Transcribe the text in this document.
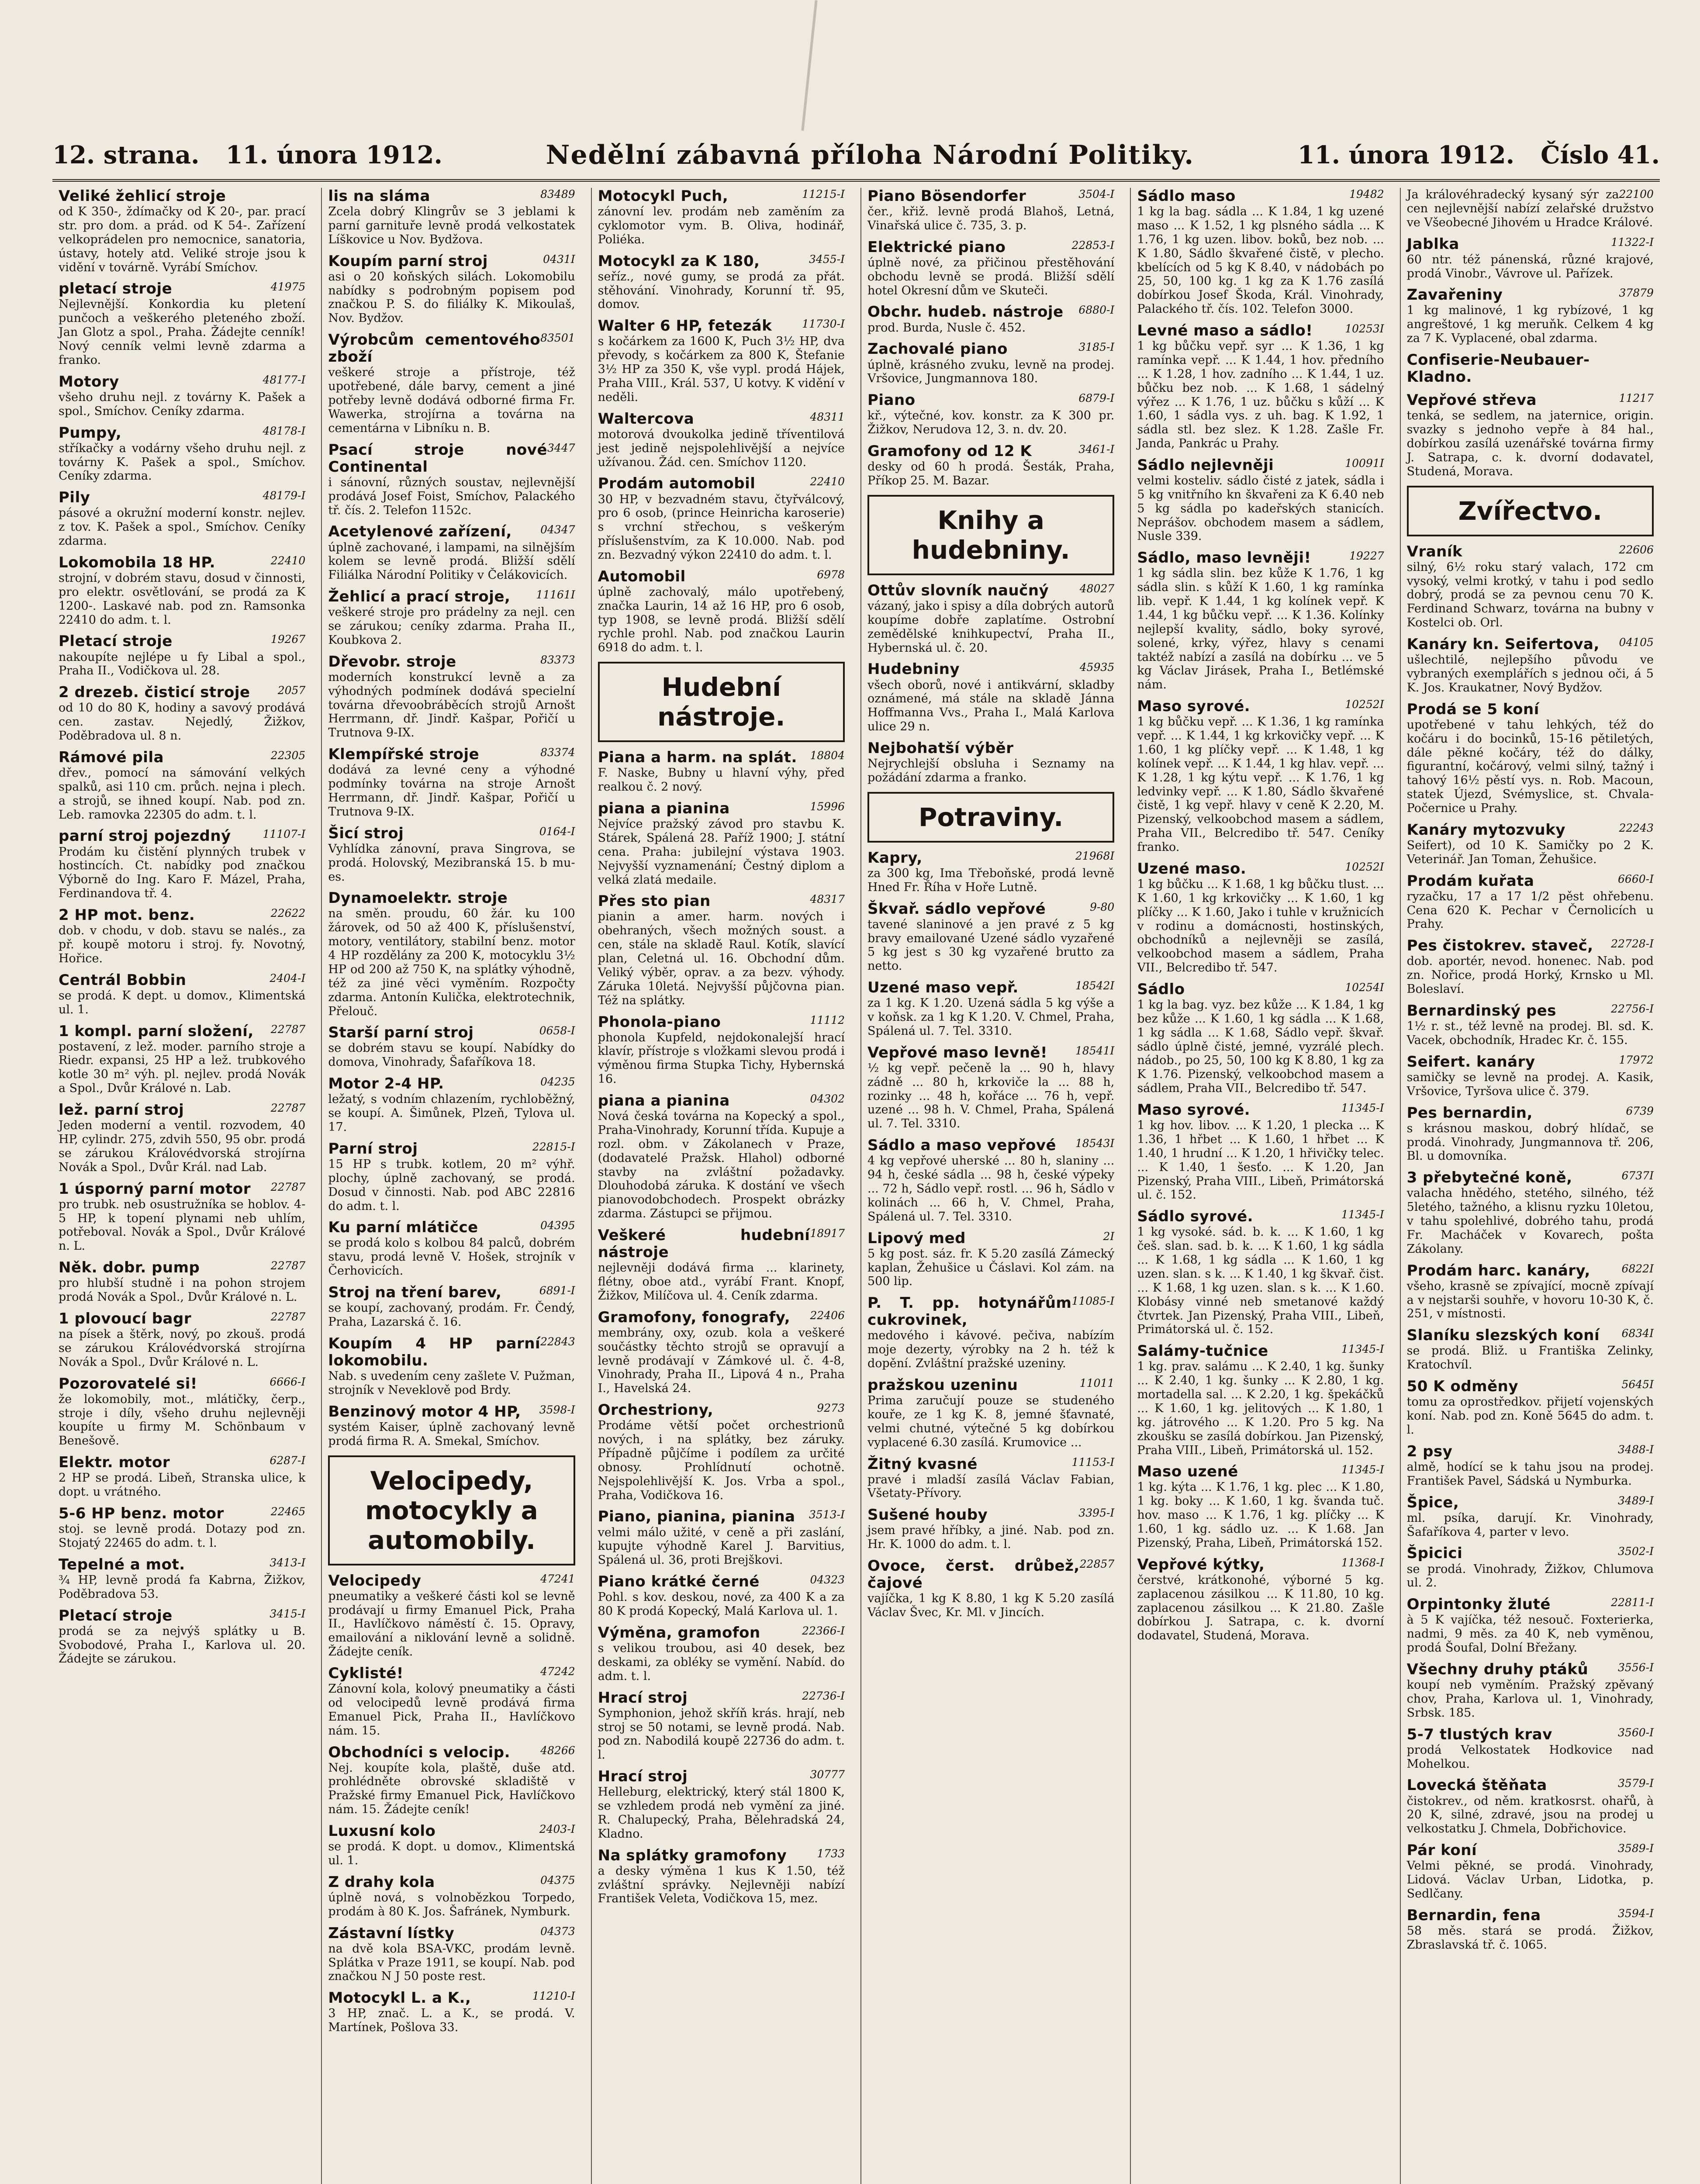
12. strana. 11. února 1912.	Nedělní zábavná příloha Národní Politiky.	11. února 1912. Číslo 41.
Veliké žehlicí stroje
od K 350-, ždímačky od K 20-, par. prací str. pro dom. a prád. od K 54-. Zařízení velkoprádelen pro nemocnice, sanatoria, ústavy, hotely atd. Veliké stroje jsou k vidění v továrně. Vyrábí Smíchov.
41975
pletací stroje
Nejlevnější. Konkordia ku pletení punčoch a veškerého pleteného zboží. Jan Glotz a spol., Praha. Žádejte cenník! Nový cenník velmi levně zdarma a franko.
48177-I
Motory
všeho druhu nejl. z továrny K. Pašek a spol., Smíchov. Ceníky zdarma.
48178-I
Pumpy,
stříkačky a vodárny všeho druhu nejl. z továrny K. Pašek a spol., Smíchov. Ceníky zdarma.
48179-I
Pily
pásové a okružní moderní konstr. nejlev. z tov. K. Pašek a spol., Smíchov. Ceníky zdarma.
22410
Lokomobila 18 HP.
strojní, v dobrém stavu, dosud v činnosti, pro elektr. osvětlování, se prodá za K 1200-. Laskavé nab. pod zn. Ramsonka 22410 do adm. t. l.
19267
Pletací stroje
nakoupíte nejlépe u fy Libal a spol., Praha II., Vodičkova ul. 28.
2057
2 drezeb. čisticí stroje
od 10 do 80 K, hodiny a savový prodává cen. zastav. Nejedlý, Žižkov, Poděbradova ul. 8 n.
22305
Rámové pila
dřev., pomocí na sámování velkých spalků, asi 110 cm. průch. nejna i plech. a strojů, se ihned koupí. Nab. pod zn. Leb. ramovka 22305 do adm. t. l.
11107-I
parní stroj pojezdný
Prodám ku čistění plynných trubek v hostincích. Ct. nabídky pod značkou Výborně do Ing. Karo F. Mázel, Praha, Ferdinandova tř. 4.
22622
2 HP mot. benz.
dob. v chodu, v dob. stavu se nalés., za př. koupě motoru i stroj. fy. Novotný, Hořice.
2404-I
Centrál Bobbin
se prodá. K dept. u domov., Klimentská ul. 1.
22787
1 kompl. parní složení,
postavení, z lež. moder. parního stroje a Riedr. expansi, 25 HP a lež. trubkového kotle 30 m² výh. pl. nejlev. prodá Novák a Spol., Dvůr Králové n. Lab.
22787
lež. parní stroj
Jeden moderní a ventil. rozvodem, 40 HP, cylindr. 275, zdvih 550, 95 obr. prodá se zárukou Královédvorská strojírna Novák a Spol., Dvůr Král. nad Lab.
22787
1 úsporný parní motor
pro trubk. neb osustružníka se hoblov. 4-5 HP, k topení plynami neb uhlím, potřeboval. Novák a Spol., Dvůr Králové n. L.
22787
Něk. dobr. pump
pro hlubší studně i na pohon strojem prodá Novák a Spol., Dvůr Králové n. L.
22787
1 plovoucí bagr
na písek a štěrk, nový, po zkouš. prodá se zárukou Královédvorská strojírna Novák a Spol., Dvůr Králové n. L.
6666-I
Pozorovatelé si!
že lokomobily, mot., mlátičky, čerp., stroje i díly, všeho druhu nejlevněji koupíte u firmy M. Schönbaum v Benešově.
6287-I
Elektr. motor
2 HP se prodá. Libeň, Stranska ulice, k dopt. u vrátného.
22465
5-6 HP benz. motor
stoj. se levně prodá. Dotazy pod zn. Stojatý 22465 do adm. t. l.
3413-I
Tepelné a mot.
¾ HP, levně prodá fa Kabrna, Žižkov, Poděbradova 53.
3415-I
Pletací stroje
prodá se za nejvýš splátky u B. Svobodové, Praha I., Karlova ul. 20. Žádejte se zárukou.
83489
lis na sláma
Zcela dobrý Klingrův se 3 jeblami k parní garnituře levně prodá velkostatek Líškovice u Nov. Bydžova.
0431I
Koupím parní stroj
asi o 20 koňských silách. Lokomobilu nabídky s podrobným popisem pod značkou P. S. do filiálky K. Mikoulaš, Nov. Bydžov.
83501
Výrobcům cementového zboží
veškeré stroje a přístroje, též upotřebené, dále barvy, cement a jiné potřeby levně dodává odborné firma Fr. Wawerka, strojírna a továrna na cementárna v Libníku n. B.
3447
Psací stroje nové Continental
i sánovní, různých soustav, nejlevnější prodává Josef Foist, Smíchov, Palackého tř. čís. 2. Telefon 1152c.
04347
Acetylenové zařízení,
úplně zachované, i lampami, na silnějším kolem se levně prodá. Bližší sdělí Filiálka Národní Politiky v Čelákovicích.
11161I
Žehlicí a prací stroje,
veškeré stroje pro prádelny za nejl. cen se zárukou; ceníky zdarma. Praha II., Koubkova 2.
83373
Dřevobr. stroje
moderních konstrukcí levně a za výhodných podmínek dodává specielní továrna dřevoobráběcích strojů Arnošt Herrmann, dř. Jindř. Kašpar, Pořičí u Trutnova 9-IX.
83374
Klempířské stroje
dodává za levné ceny a výhodné podmínky továrna na stroje Arnošt Herrmann, dř. Jindř. Kašpar, Pořičí u Trutnova 9-IX.
0164-I
Šicí stroj
Vyhlídka zánovní, prava Singrova, se prodá. Holovský, Mezibranská 15. b mu-es.
Dynamoelektr. stroje
na směn. proudu, 60 žár. ku 100 žárovek, od 50 až 400 K, příslušenství, motory, ventilátory, stabilní benz. motor 4 HP rozdělány za 200 K, motocyklu 3½ HP od 200 až 750 K, na splátky výhodně, též za jiné věci vyměním. Rozpočty zdarma. Antonín Kulička, elektrotechnik, Přelouč.
0658-I
Starší parní stroj
se dobrém stavu se koupí. Nabídky do domova, Vinohrady, Šafaříkova 18.
04235
Motor 2-4 HP.
ležatý, s vodním chlazením, rychloběžný, se koupí. A. Šimůnek, Plzeň, Tylova ul. 17.
22815-I
Parní stroj
15 HP s trubk. kotlem, 20 m² výhř. plochy, úplně zachovaný, se prodá. Dosud v činnosti. Nab. pod ABC 22816 do adm. t. l.
04395
Ku parní mlátičce
se prodá kolo s kolbou 84 palců, dobrém stavu, prodá levně V. Hošek, strojník v Čerhovicích.
6891-I
Stroj na tření barev,
se koupí, zachovaný, prodám. Fr. Čendý, Praha, Lazarská č. 16.
22843
Koupím 4 HP parní lokomobilu.
Nab. s uvedením ceny zašlete V. Pužman, strojník v Neveklově pod Brdy.
3598-I
Benzinový motor 4 HP,
systém Kaiser, úplně zachovaný levně prodá firma R. A. Smekal, Smíchov.
Velocipedy, motocykly a automobily.
47241
Velocipedy
pneumatiky a veškeré části kol se levně prodávají u firmy Emanuel Pick, Praha II., Havlíčkovo náměstí č. 15. Opravy, emailování a niklování levně a solidně. Žádejte ceník.
47242
Cyklisté!
Zánovní kola, kolový pneumatiky a části od velocipedů levně prodává firma Emanuel Pick, Praha II., Havlíčkovo nám. 15.
48266
Obchodníci s velocip.
Nej. koupíte kola, plaště, duše atd. prohlédněte obrovské skladiště v Pražské firmy Emanuel Pick, Havlíčkovo nám. 15. Žádejte ceník!
2403-I
Luxusní kolo
se prodá. K dopt. u domov., Klimentská ul. 1.
04375
Z drahy kola
úplně nová, s volnobězkou Torpedo, prodám à 80 K. Jos. Šafránek, Nymburk.
04373
Zástavní lístky
na dvě kola BSA-VKC, prodám levně. Splátka v Praze 1911, se koupí. Nab. pod značkou N J 50 poste rest.
11210-I
Motocykl L. a K.,
3 HP, znač. L. a K., se prodá. V. Martínek, Pošlova 33.
11215-I
Motocykl Puch,
zánovní lev. prodám neb zaměním za cyklomotor vym. B. Oliva, hodinář, Poliéka.
3455-I
Motocykl za K 180,
seříz., nové gumy, se prodá za přát. stěhování. Vinohrady, Korunní tř. 95, domov.
11730-I
Walter 6 HP, fetezák
s kočárkem za 1600 K, Puch 3½ HP, dva převody, s kočárkem za 800 K, Štefanie 3½ HP za 350 K, vše vypl. prodá Hájek, Praha VIII., Král. 537, U kotvy. K vidění v neděli.
48311
Waltercova
motorová dvoukolka jedině tříventilová jest jedině nejspolehlivější a nejvíce užívanou. Žád. cen. Smíchov 1120.
22410
Prodám automobil
30 HP, v bezvadném stavu, čtyřválcový, pro 6 osob, (prince Heinricha karoserie) s vrchní střechou, s veškerým příslušenstvím, za K 10.000. Nab. pod zn. Bezvadný výkon 22410 do adm. t. l.
6978
Automobil
úplně zachovalý, málo upotřebený, značka Laurin, 14 až 16 HP, pro 6 osob, typ 1908, se levně prodá. Bližší sdělí rychle prohl. Nab. pod značkou Laurin 6918 do adm. t. l.
Hudební nástroje.
18804
Piana a harm. na splát.
F. Naske, Bubny u hlavní výhy, před realkou č. 2 nový.
15996
piana a pianina
Nejvíce pražský závod pro stavbu K. Stárek, Spálená 28. Paříž 1900; J. státní cena. Praha: jubilejní výstava 1903. Nejvyšší vyznamenání; Čestný diplom a velká zlatá medaile.
48317
Přes sto pian
pianin a amer. harm. nových i obehraných, všech možných soust. a cen, stále na skladě Raul. Kotík, slavící plan, Celetná ul. 16. Obchodní dům. Veliký výběr, oprav. a za bezv. výhody. Záruka 10letá. Nejvyšší půjčovna pian. Též na splátky.
11112
Phonola-piano
phonola Kupfeld, nejdokonalejší hrací klavír, přístroje s vložkami slevou prodá i výměnou firma Stupka Tichy, Hybernská 16.
04302
piana a pianina
Nová česká továrna na Kopecký a spol., Praha-Vinohrady, Korunní třída. Kupuje a rozl. obm. v Zákolanech v Praze, (dodavatelé Pražsk. Hlahol) odborné stavby na zvláštní požadavky. Dlouhodobá záruka. K dostání ve všech pianovodobchodech. Prospekt obrázky zdarma. Zástupci se přijmou.
18917
Veškeré hudební nástroje
nejlevněji dodává firma ... klarinety, flétny, oboe atd., vyrábí Frant. Knopf, Žižkov, Milíčova ul. 4. Ceník zdarma.
22406
Gramofony, fonografy,
membrány, oxy, ozub. kola a veškeré součástky těchto strojů se opravují a levně prodávají v Zámkové ul. č. 4-8, Vinohrady, Praha II., Lipová 4 n., Praha I., Havelská 24.
9273
Orchestriony,
Prodáme větší počet orchestrionů nových, i na splátky, bez záruky. Případně půjčíme i podílem za určité obnosy. Prohlídnutí ochotně. Nejspolehlivější K. Jos. Vrba a spol., Praha, Vodičkova 16.
3513-I
Piano, pianina, pianina
velmi málo užité, v ceně a při zaslání, kupujte výhodně Karel J. Barvitius, Spálená ul. 36, proti Brejškovi.
04323
Piano krátké černé
Pohl. s kov. deskou, nové, za 400 K a za 80 K prodá Kopecký, Malá Karlova ul. 1.
22366-I
Výměna, gramofon
s velikou troubou, asi 40 desek, bez deskami, za obléky se vymění. Nabíd. do adm. t. l.
22736-I
Hrací stroj
Symphonion, jehož skříň krás. hrají, neb stroj se 50 notami, se levně prodá. Nab. pod zn. Nabodilá koupě 22736 do adm. t. l.
30777
Hrací stroj
Helleburg, elektrický, který stál 1800 K, se vzhledem prodá neb vymění za jiné. R. Chalupecký, Praha, Bělehradská 24, Kladno.
1733
Na splátky gramofony
a desky výměna 1 kus K 1.50, též zvláštní správky. Nejlevněji nabízí František Veleta, Vodičkova 15, mez.
3504-I
Piano Bösendorfer
čer., křiž. levně prodá Blahoš, Letná, Vinařská ulice č. 735, 3. p.
22853-I
Elektrické piano
úplně nové, za přičinou přestěhování obchodu levně se prodá. Bližší sdělí hotel Okresní dům ve Skuteči.
6880-I
Obchr. hudeb. nástroje
prod. Burda, Nusle č. 452.
3185-I
Zachovalé piano
úplně, krásného zvuku, levně na prodej. Vršovice, Jungmannova 180.
6879-I
Piano
kř., výtečné, kov. konstr. za K 300 pr. Žižkov, Nerudova 12, 3. n. dv. 20.
3461-I
Gramofony od 12 K
desky od 60 h prodá. Šesták, Praha, Příkop 25. M. Bazar.
Knihy a hudebniny.
48027
Ottův slovník naučný
vázaný, jako i spisy a díla dobrých autorů koupíme dobře zaplatíme. Ostrobní zemědělské knihkupectví, Praha II., Hybernská ul. č. 20.
45935
Hudebniny
všech oborů, nové i antikvární, skladby oznámené, má stále na skladě Jánna Hoffmanna Vvs., Praha I., Malá Karlova ulice 29 n.
Nejbohatší výběr
Nejrychlejší obsluha i Seznamy na požádání zdarma a franko.
Potraviny.
21968I
Kapry,
za 300 kg, Ima Třeboňské, prodá levně Hned Fr. Říha v Hoře Lutně.
9-80
Škvař. sádlo vepřové
tavené slaninové a jen pravé z 5 kg bravy emailované Uzené sádlo vyzařené 5 kg jest s 30 kg vyzařené brutto za netto.
18542I
Uzené maso vepř.
za 1 kg. K 1.20. Uzená sádla 5 kg výše a v koňsk. za 1 kg K 1.20. V. Chmel, Praha, Spálená ul. 7. Tel. 3310.
18541I
Vepřové maso levně!
½ kg vepř. pečeně la ... 90 h, hlavy zádně ... 80 h, krkoviče la ... 88 h, rozinky ... 48 h, kořáce ... 76 h, vepř. uzené ... 98 h. V. Chmel, Praha, Spálená ul. 7. Tel. 3310.
18543I
Sádlo a maso vepřové
4 kg vepřové uherské ... 80 h, slaniny ... 94 h, české sádla ... 98 h, české výpeky ... 72 h, Sádlo vepř. rostl. ... 96 h, Sádlo v kolinách ... 66 h, V. Chmel, Praha, Spálená ul. 7. Tel. 3310.
2I
Lipový med
5 kg post. sáz. fr. K 5.20 zasílá Zámecký kaplan, Žehušice u Čáslavi. Kol zám. na 500 lip.
11085-I
P. T. pp. hotynářům cukrovinek,
medového i kávové. pečiva, nabízím moje dezerty, výrobky na 2 h. též k dopění. Zvláštní pražské uzeniny.
11011
pražskou uzeninu
Prima zaručují pouze se studeného kouře, ze 1 kg K. 8, jemné šťavnaté, velmi chutné, výtečné 5 kg dobírkou vyplacené 6.30 zasílá. Krumovice ...
11153-I
Žitný kvasné
pravé i mladší zasílá Václav Fabian, Všetaty-Přívory.
3395-I
Sušené houby
jsem pravé hříbky, a jiné. Nab. pod zn. Hr. K. 1000 do adm. t. l.
22857
Ovoce, čerst. drůbež, čajové
vajíčka, 1 kg K 8.80, 1 kg K 5.20 zasílá Václav Švec, Kr. Ml. v Jincích.
19482
Sádlo maso
1 kg la bag. sádla ... K 1.84, 1 kg uzené maso ... K 1.52, 1 kg plsného sádla ... K 1.76, 1 kg uzen. libov. boků, bez nob. ... K 1.80, Sádlo škvařené čistě, v plecho. kbelících od 5 kg K 8.40, v nádobách po 25, 50, 100 kg. 1 kg za K 1.76 zasílá dobírkou Josef Škoda, Král. Vinohrady, Palackého tř. čís. 102. Telefon 3000.
10253I
Levné maso a sádlo!
1 kg bůčku vepř. syr ... K 1.36, 1 kg ramínka vepř. ... K 1.44, 1 hov. předního ... K 1.28, 1 hov. zadního ... K 1.44, 1 uz. bůčku bez nob. ... K 1.68, 1 sádelný výřez ... K 1.76, 1 uz. bůčku s kůží ... K 1.60, 1 sádla vys. z uh. bag. K 1.92, 1 sádla stl. bez slez. K 1.28. Zašle Fr. Janda, Pankrác u Prahy.
10091I
Sádlo nejlevněji
velmi kosteliv. sádlo čisté z jatek, sádla i 5 kg vnitřního kn škvařeni za K 6.40 neb 5 kg sádla po kadeřských stanicích. Neprášov. obchodem masem a sádlem, Nusle 339.
19227
Sádlo, maso levněji!
1 kg sádla slin. bez kůže K 1.76, 1 kg sádla slin. s kůží K 1.60, 1 kg ramínka lib. vepř. K 1.44, 1 kg kolínek vepř. K 1.44, 1 kg bůčku vepř. ... K 1.36. Kolínky nejlepší kvality, sádlo, boky syrové, solené, krky, výřez, hlavy s cenami taktéž nabízí a zasílá na dobírku ... ve 5 kg Václav Jirásek, Praha I., Betlémské nám.
10252I
Maso syrové.
1 kg bůčku vepř. ... K 1.36, 1 kg ramínka vepř. ... K 1.44, 1 kg krkovičky vepř. ... K 1.60, 1 kg plíčky vepř. ... K 1.48, 1 kg kolínek vepř. ... K 1.44, 1 kg hlav. vepř. ... K 1.28, 1 kg kýtu vepř. ... K 1.76, 1 kg ledvinky vepř. ... K 1.80, Sádlo škvařené čistě, 1 kg vepř. hlavy v ceně K 2.20, M. Pizenský, velkoobchod masem a sádlem, Praha VII., Belcredibo tř. 547. Ceníky franko.
10252I
Uzené maso.
1 kg bůčku ... K 1.68, 1 kg bůčku tlust. ... K 1.60, 1 kg krkovičky ... K 1.60, 1 kg plíčky ... K 1.60, Jako i tuhle v kružnicích v rodinu a domácnosti, hostinských, obchodníků a nejlevněji se zasílá, velkoobchod masem a sádlem, Praha VII., Belcredibo tř. 547.
10254I
Sádlo
1 kg la bag. vyz. bez kůže ... K 1.84, 1 kg bez kůže ... K 1.60, 1 kg sádla ... K 1.68, 1 kg sádla ... K 1.68, Sádlo vepř. škvař. sádlo úplně čisté, jemné, vyzrálé plech. nádob., po 25, 50, 100 kg K 8.80, 1 kg za K 1.76. Pizenský, velkoobchod masem a sádlem, Praha VII., Belcredibo tř. 547.
11345-I
Maso syrové.
1 kg hov. libov. ... K 1.20, 1 plecka ... K 1.36, 1 hřbet ... K 1.60, 1 hřbet ... K 1.40, 1 hrudní ... K 1.20, 1 hřivičky telec. ... K 1.40, 1 šesťo. ... K 1.20, Jan Pizenský, Praha VIII., Libeň, Primátorská ul. č. 152.
11345-I
Sádlo syrové.
1 kg vysoké. sád. b. k. ... K 1.60, 1 kg češ. slan. sad. b. k. ... K 1.60, 1 kg sádla ... K 1.68, 1 kg sádla ... K 1.60, 1 kg uzen. slan. s k. ... K 1.40, 1 kg škvař. čist. ... K 1.68, 1 kg uzen. slan. s k. ... K 1.60. Klobásy vinné neb smetanové každý čtvrtek. Jan Pizenský, Praha VIII., Libeň, Primátorská ul. č. 152.
11345-I
Salámy-tučnice
1 kg. prav. salámu ... K 2.40, 1 kg. šunky ... K 2.40, 1 kg. šunky ... K 2.80, 1 kg. mortadella sal. ... K 2.20, 1 kg. špekáčků ... K 1.60, 1 kg. jelitových ... K 1.80, 1 kg. játrového ... K 1.20. Pro 5 kg. Na zkoušku se zasílá dobírkou. Jan Pizenský, Praha VIII., Libeň, Primátorská ul. 152.
11345-I
Maso uzené
1 kg. kýta ... K 1.76, 1 kg. plec ... K 1.80, 1 kg. boky ... K 1.60, 1 kg. švanda tuč. hov. maso ... K 1.76, 1 kg. plíčky ... K 1.60, 1 kg. sádlo uz. ... K 1.68. Jan Pizenský, Praha, Libeň, Primátorská 152.
11368-I
Vepřové kýtky,
čerstvé, krátkonohé, výborné 5 kg. zaplacenou zásilkou ... K 11.80, 10 kg. zaplacenou zásilkou ... K 21.80. Zašle dobírkou J. Satrapa, c. k. dvorní dodavatel, Studená, Morava.
22100
Ja královéhradecký kysaný sýr za cen nejlevnější nabízí zelařské družstvo ve Všeobecné Jihovém u Hradce Králové.
11322-I
Jablka
60 ntr. též pánenská, různé krajové, prodá Vinobr., Vávrove ul. Pařízek.
37879
Zavařeniny
1 kg malinové, 1 kg rybízové, 1 kg angreštové, 1 kg meruňk. Celkem 4 kg za 7 K. Vyplacené, obal zdarma.
Confiserie-Neubauer-Kladno.
11217
Vepřové střeva
tenká, se sedlem, na jaternice, origin. svazky s jednoho vepře à 84 hal., dobírkou zasílá uzenářské továrna firmy J. Satrapa, c. k. dvorní dodavatel, Studená, Morava.
Zvířectvo.
22606
Vraník
silný, 6½ roku starý valach, 172 cm vysoký, velmi krotký, v tahu i pod sedlo dobrý, prodá se za pevnou cenu 70 K. Ferdinand Schwarz, továrna na bubny v Kostelci ob. Orl.
04105
Kanáry kn. Seifertova,
ušlechtilé, nejlepšího původu ve vybraných exemplářích s jednou oči, á 5 K. Jos. Kraukatner, Nový Bydžov.
Prodá se 5 koní
upotřebené v tahu lehkých, též do kočáru i do bocinků, 15-16 pětiletých, dále pěkné kočáry, též do dálky, figurantní, kočárový, velmi silný, tažný i tahový 16½ pěstí vys. n. Rob. Macoun, statek Újezd, Svémyslice, st. Chvala-Počernice u Prahy.
22243
Kanáry mytozvuky
Seifert), od 10 K. Samičky po 2 K. Veterinář. Jan Toman, Žehušice.
6660-I
Prodám kuřata
ryzačku, 17 a 17 1/2 pěst ohřebenu. Cena 620 K. Pechar v Černolicích u Prahy.
22728-I
Pes čistokrev. staveč,
dob. aportér, nevod. honenec. Nab. pod zn. Nořice, prodá Horký, Krnsko u Ml. Boleslaví.
22756-I
Bernardinský pes
1½ r. st., též levně na prodej. Bl. sd. K. Vacek, obchodník, Hradec Kr. č. 155.
17972
Seifert. kanáry
samičky se levně na prodej. A. Kasik, Vršovice, Tyršova ulice č. 379.
6739
Pes bernardin,
s krásnou maskou, dobrý hlídač, se prodá. Vinohrady, Jungmannova tř. 206, Bl. u domovníka.
6737I
3 přebytečné koně,
valacha hnědého, stetého, silného, též 5letého, tažného, a klisnu ryzku 10letou, v tahu spolehlivé, dobrého tahu, prodá Fr. Macháček v Kovarech, pošta Zákolany.
6822I
Prodám harc. kanáry,
všeho, krasně se zpívající, mocně zpívají a v nejstarši souhře, v hovoru 10-30 K, č. 251, v místnosti.
6834I
Slaníku slezských koní
se prodá. Bliž. u Františka Zelinky, Kratochvíl.
5645I
50 K odměny
tomu za oprostředkov. přijetí vojenských koní. Nab. pod zn. Koně 5645 do adm. t. l.
3488-I
2 psy
almě, hodící se k tahu jsou na prodej. František Pavel, Sádská u Nymburka.
3489-I
Špice,
ml. psíka, darují. Kr. Vinohrady, Šafaříkova 4, parter v levo.
3502-I
Špicici
se prodá. Vinohrady, Žižkov, Chlumova ul. 2.
22811-I
Orpintonky žluté
à 5 K vajíčka, též nesouč. Foxterierka, nadmi, 9 měs. za 40 K, neb vyměnou, prodá Šoufal, Dolní Břežany.
3556-I
Všechny druhy ptáků
koupí neb vyměním. Pražský zpěvaný chov, Praha, Karlova ul. 1, Vinohrady, Srbsk. 185.
3560-I
5-7 tlustých krav
prodá Velkostatek Hodkovice nad Mohelkou.
3579-I
Lovecká štěňata
čistokrev., od něm. kratkosrst. ohařů, à 20 K, silné, zdravé, jsou na prodej u velkostatku J. Chmela, Dobřichovice.
3589-I
Pár koní
Velmi pěkné, se prodá. Vinohrady, Lidová. Václav Urban, Lidotka, p. Sedlčany.
3594-I
Bernardin, fena
58 měs. stará se prodá. Žižkov, Zbraslavská tř. č. 1065.
